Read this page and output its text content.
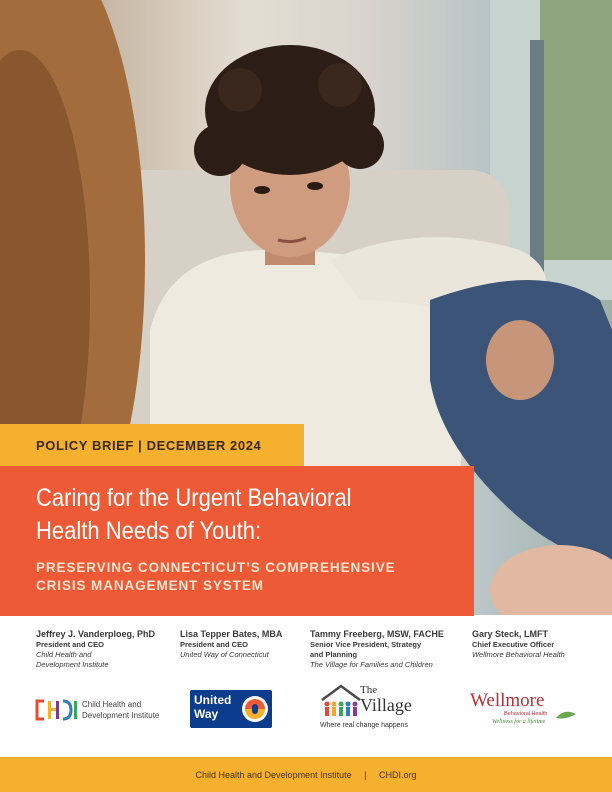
POLICY BRIEF | DECEMBER 2024
Caring for the Urgent Behavioral
Health Needs of Youth:
PRESERVING CONNECTICUT’S COMPREHENSIVE
CRISIS MANAGEMENT SYSTEM
Jeffrey J. Vanderploeg, PhD
President and CEO
Child Health and
Development Institute
Lisa Tepper Bates, MBA
President and CEO
United Way of Connecticut
Tammy Freeberg, MSW, FACHE
Senior Vice President, Strategy
and Planning
The Village for Families and Children
Gary Steck, LMFT
Chief Executive Officer
Wellmore Behavioral Health
Child Health and
Development Institute
United
Way
The
Village
Where real change happens
Wellmore
Behavioral Health
Wellness for a lifetime
Child Health and Development Institute | CHDI.org
